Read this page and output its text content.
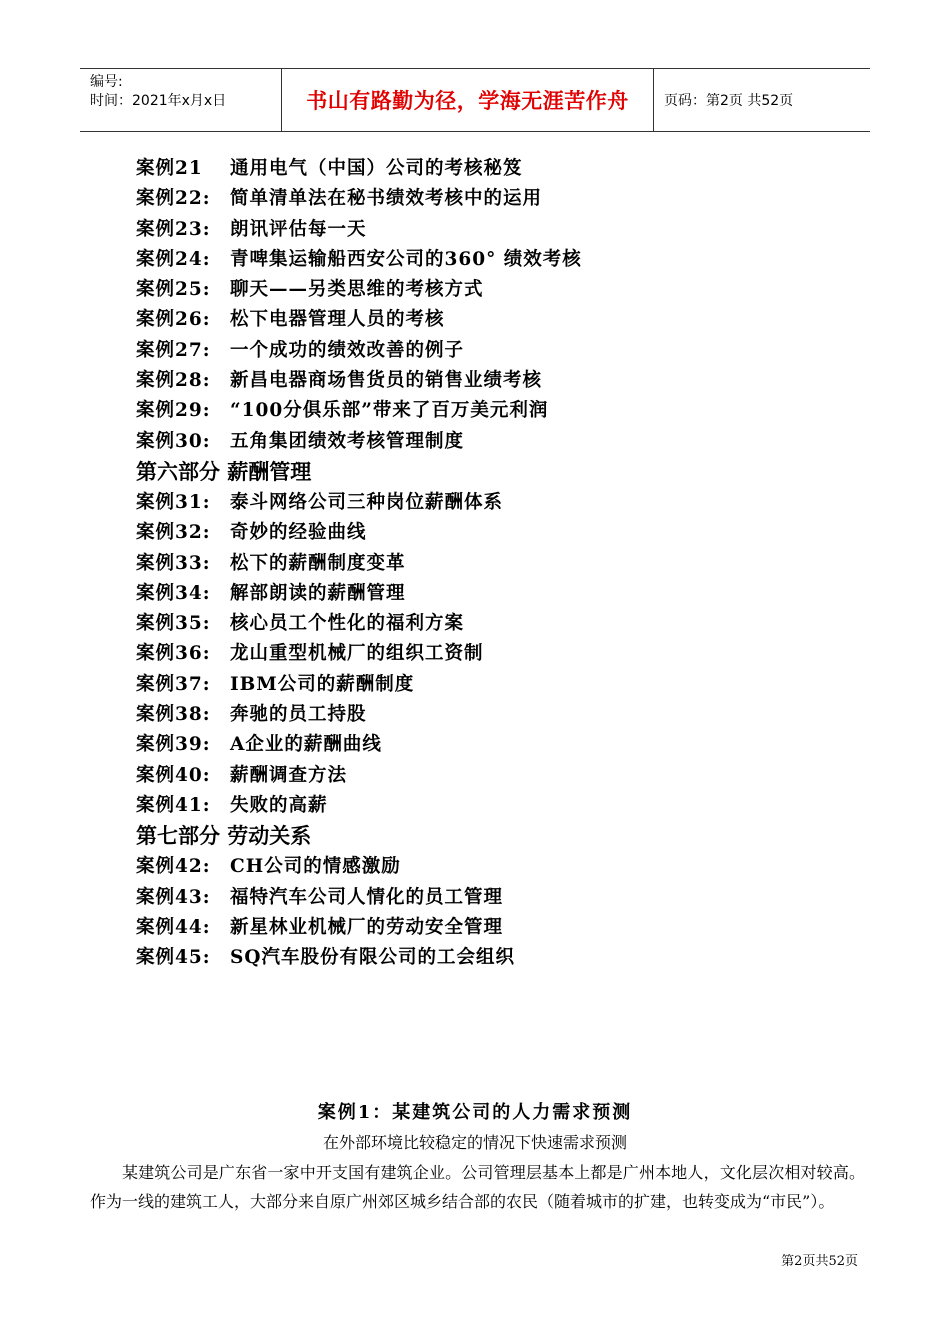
编号:
时间：2021年x月x日	书山有路勤为径，学海无涯苦作舟	页码：第2页 共52页
案例21 通用电气（中国）公司的考核秘笈
案例22: 简单清单法在秘书绩效考核中的运用
案例23: 朗讯评估每一天
案例24: 青啤集运输船西安公司的360° 绩效考核
案例25: 聊天——另类思维的考核方式
案例26: 松下电器管理人员的考核
案例27: 一个成功的绩效改善的例子
案例28: 新昌电器商场售货员的销售业绩考核
案例29: “100分俱乐部”带来了百万美元利润
案例30: 五角集团绩效考核管理制度
第六部分 薪酬管理
案例31: 泰斗网络公司三种岗位薪酬体系
案例32: 奇妙的经验曲线
案例33: 松下的薪酬制度变革
案例34: 解部朗读的薪酬管理
案例35: 核心员工个性化的福利方案
案例36: 龙山重型机械厂的组织工资制
案例37: IBM公司的薪酬制度
案例38: 奔驰的员工持股
案例39: A企业的薪酬曲线
案例40: 薪酬调查方法
案例41: 失败的高薪
第七部分 劳动关系
案例42: CH公司的情感激励
案例43: 福特汽车公司人情化的员工管理
案例44: 新星林业机械厂的劳动安全管理
案例45: SQ汽车股份有限公司的工会组织
案例1：某建筑公司的人力需求预测
在外部环境比较稳定的情况下快速需求预测
某建筑公司是广东省一家中开支国有建筑企业。公司管理层基本上都是广州本地人，文化层次相对较高。作为一线的建筑工人，大部分来自原广州郊区城乡结合部的农民（随着城市的扩建，也转变成为“市民”）。
第2页共52页
